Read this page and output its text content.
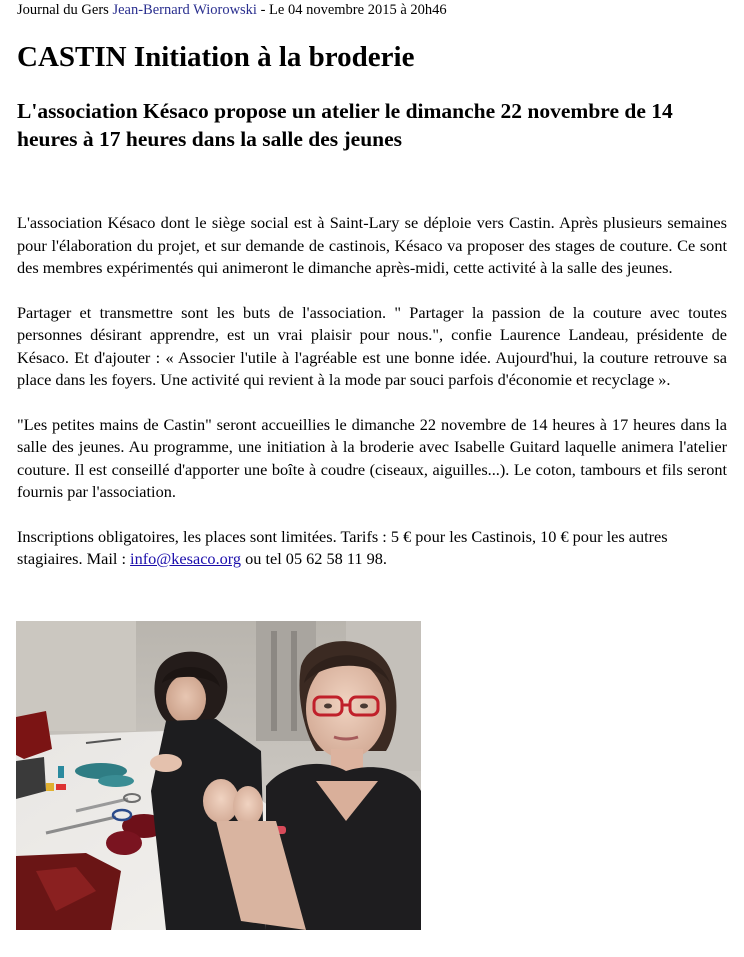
Journal du Gers Jean-Bernard Wiorowski - Le 04 novembre 2015 à 20h46
CASTIN Initiation à la broderie
L'association Késaco propose un atelier le dimanche 22 novembre de 14 heures à 17 heures dans la salle des jeunes

L'association Késaco dont le siège social est à Saint-Lary se déploie vers Castin. Après plusieurs semaines pour l'élaboration du projet, et sur demande de castinois, Késaco va proposer des stages de couture. Ce sont des membres expérimentés qui animeront le dimanche après-midi, cette activité à la salle des jeunes.

Partager et transmettre sont les buts de l'association. " Partager la passion de la couture avec toutes personnes désirant apprendre, est un vrai plaisir pour nous.", confie Laurence Landeau, présidente de Késaco. Et d'ajouter : « Associer l'utile à l'agréable est une bonne idée. Aujourd'hui, la couture retrouve sa place dans les foyers. Une activité qui revient à la mode par souci parfois d'économie et recyclage ».

"Les petites mains de Castin" seront accueillies le dimanche 22 novembre de 14 heures à 17 heures dans la salle des jeunes. Au programme, une initiation à la broderie avec Isabelle Guitard laquelle animera l'atelier couture. Il est conseillé d'apporter une boîte à coudre (ciseaux, aiguilles...). Le coton, tambours et fils seront fournis par l'association.

Inscriptions obligatoires, les places sont limitées. Tarifs : 5 € pour les Castinois, 10 € pour les autres stagiaires. Mail : info@kesaco.org ou tel 05 62 58 11 98.
